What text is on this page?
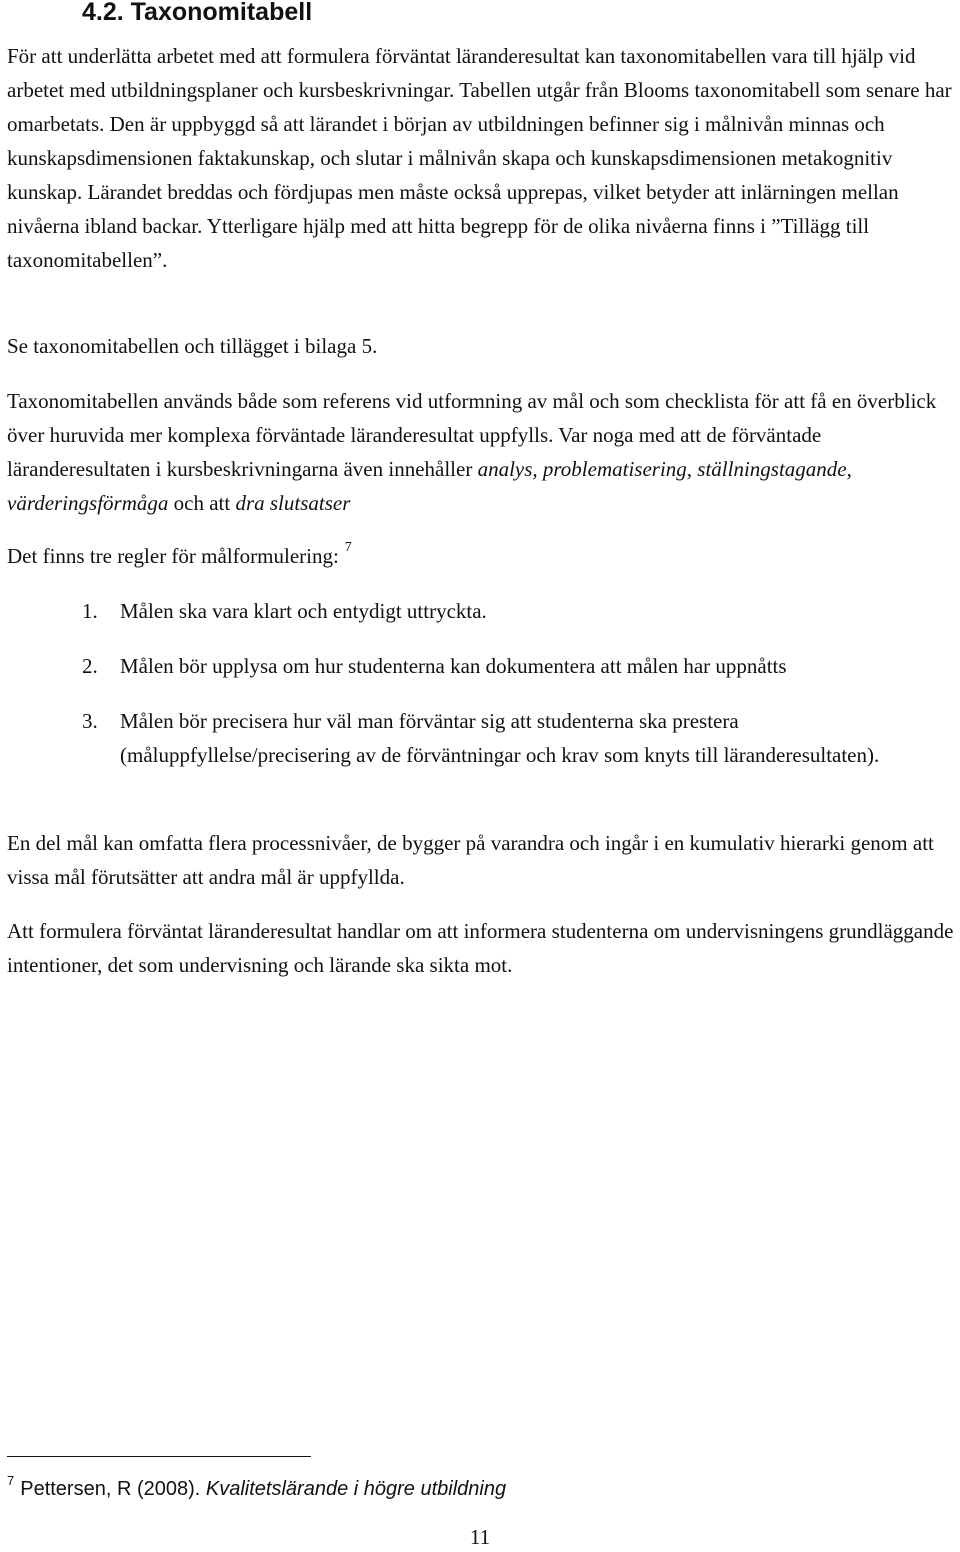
4.2. Taxonomitabell

För att underlätta arbetet med att formulera förväntat läranderesultat kan taxonomitabellen vara till hjälp vid arbetet med utbildningsplaner och kursbeskrivningar. Tabellen utgår från Blooms taxonomitabell som senare har omarbetats. Den är uppbyggd så att lärandet i början av utbildningen befinner sig i målnivån minnas och kunskapsdimensionen faktakunskap, och slutar i målnivån skapa och kunskapsdimensionen metakognitiv kunskap. Lärandet breddas och fördjupas men måste också upprepas, vilket betyder att inlärningen mellan nivåerna ibland backar. Ytterligare hjälp med att hitta begrepp för de olika nivåerna finns i ”Tillägg till taxonomitabellen”.

Se taxonomitabellen och tillägget i bilaga 5.

Taxonomitabellen används både som referens vid utformning av mål och som checklista för att få en överblick över huruvida mer komplexa förväntade läranderesultat uppfylls. Var noga med att de förväntade läranderesultaten i kursbeskrivningarna även innehåller analys, problematisering, ställningstagande, värderingsförmåga och att dra slutsatser

Det finns tre regler för målformulering: $^7$

1. Målen ska vara klart och entydigt uttryckta.
2. Målen bör upplysa om hur studenterna kan dokumentera att målen har uppnåtts
3. Målen bör precisera hur väl man förväntar sig att studenterna ska prestera (måluppfyllelse/precisering av de förväntningar och krav som knyts till läranderesultaten).

En del mål kan omfatta flera processnivåer, de bygger på varandra och ingår i en kumulativ hierarki genom att vissa mål förutsätter att andra mål är uppfyllda.

Att formulera förväntat läranderesultat handlar om att informera studenterna om undervisningens grundläggande intentioner, det som undervisning och lärande ska sikta mot.

$^7$ Pettersen, R (2008). Kvalitetslärande i högre utbildning

11
